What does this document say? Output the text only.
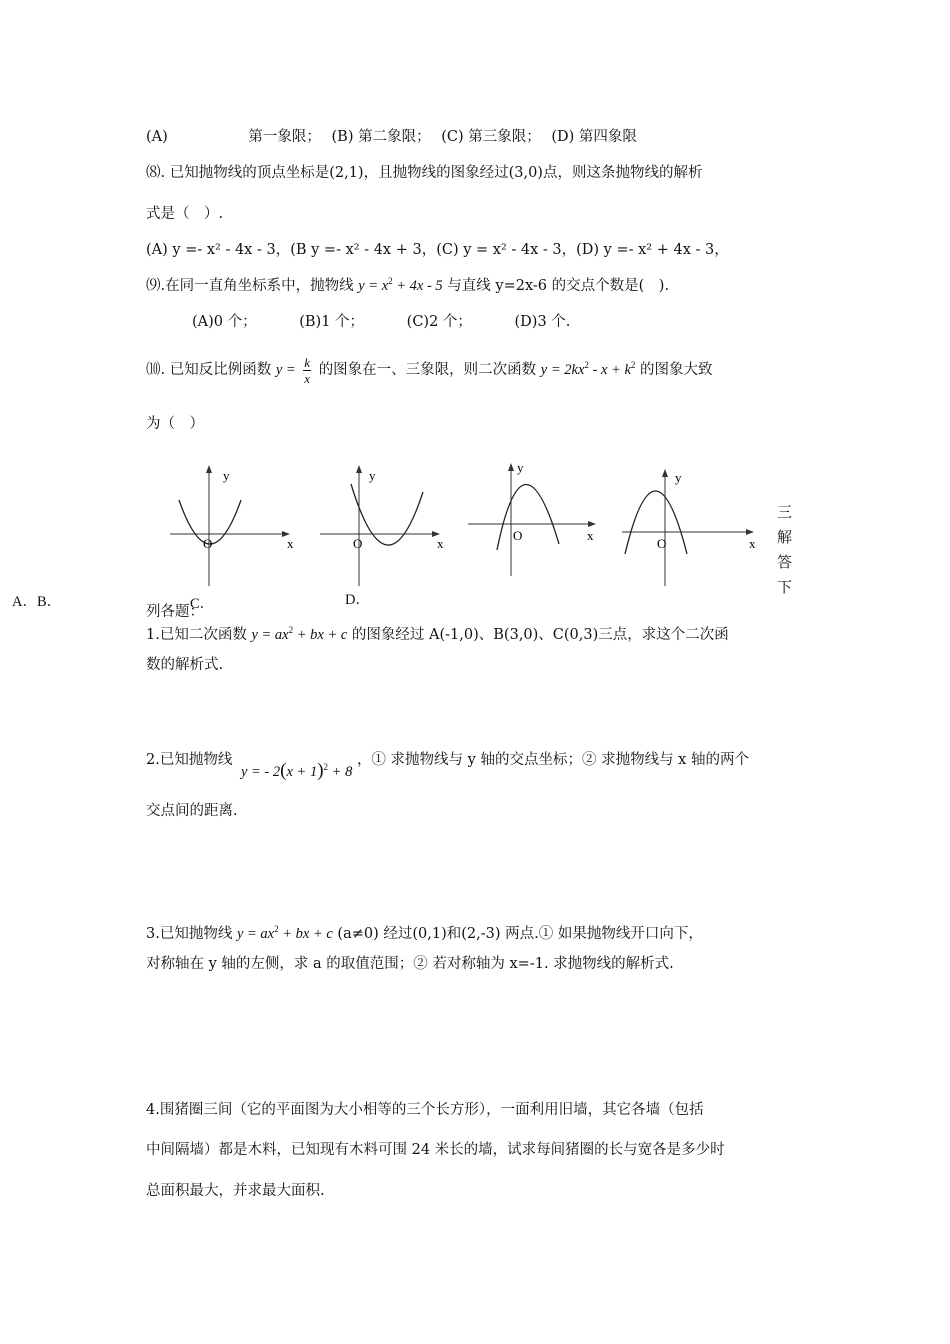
(A)	第一象限； (B) 第二象限； (C) 第三象限； (D) 第四象限
⑻. 已知抛物线的顶点坐标是(2,1)，且抛物线的图象经过(3,0)点，则这条抛物线的解析
式是（　）.
(A) y =- x² - 4x - 3，(B y =- x² - 4x + 3，(C) y = x² - 4x - 3，(D) y =- x² + 4x - 3，
⑼.在同一直角坐标系中，抛物线 $y = x^2 + 4x - 5$ 与直线 y=2x-6 的交点个数是(　).
(A)0 个；	(B)1 个；	(C)2 个；	(D)3 个.
⑽. 已知反比例函数 $y = \frac{k}{x}$ 的图象在一、三象限，则二次函数 $y = 2kx^2 - x + k^2$ 的图象大致
为（　）
y
x
O
y
x
O
y
x
O
y
x
O
三
解
答
下
A．B．	C．	D．
列各题：
1.已知二次函数 $y = ax^2$ + bx + c 的图象经过 A(-1,0)、B(3,0)、C(0,3)三点，求这个二次函
数的解析式.
2.已知抛物线 y = - $2(x + 1)^2 + 8$ ，① 求抛物线与 y 轴的交点坐标；② 求抛物线与 x 轴的两个
交点间的距离.
3.已知抛物线 $y = ax^2$ + bx + c (a≠0) 经过(0,1)和(2,-3) 两点.① 如果抛物线开口向下，
对称轴在 y 轴的左侧，求 a 的取值范围；② 若对称轴为 x=-1. 求抛物线的解析式.
4.围猪圈三间（它的平面图为大小相等的三个长方形），一面利用旧墙，其它各墙（包括
中间隔墙）都是木料，已知现有木料可围 24 米长的墙，试求每间猪圈的长与宽各是多少时
总面积最大，并求最大面积.
